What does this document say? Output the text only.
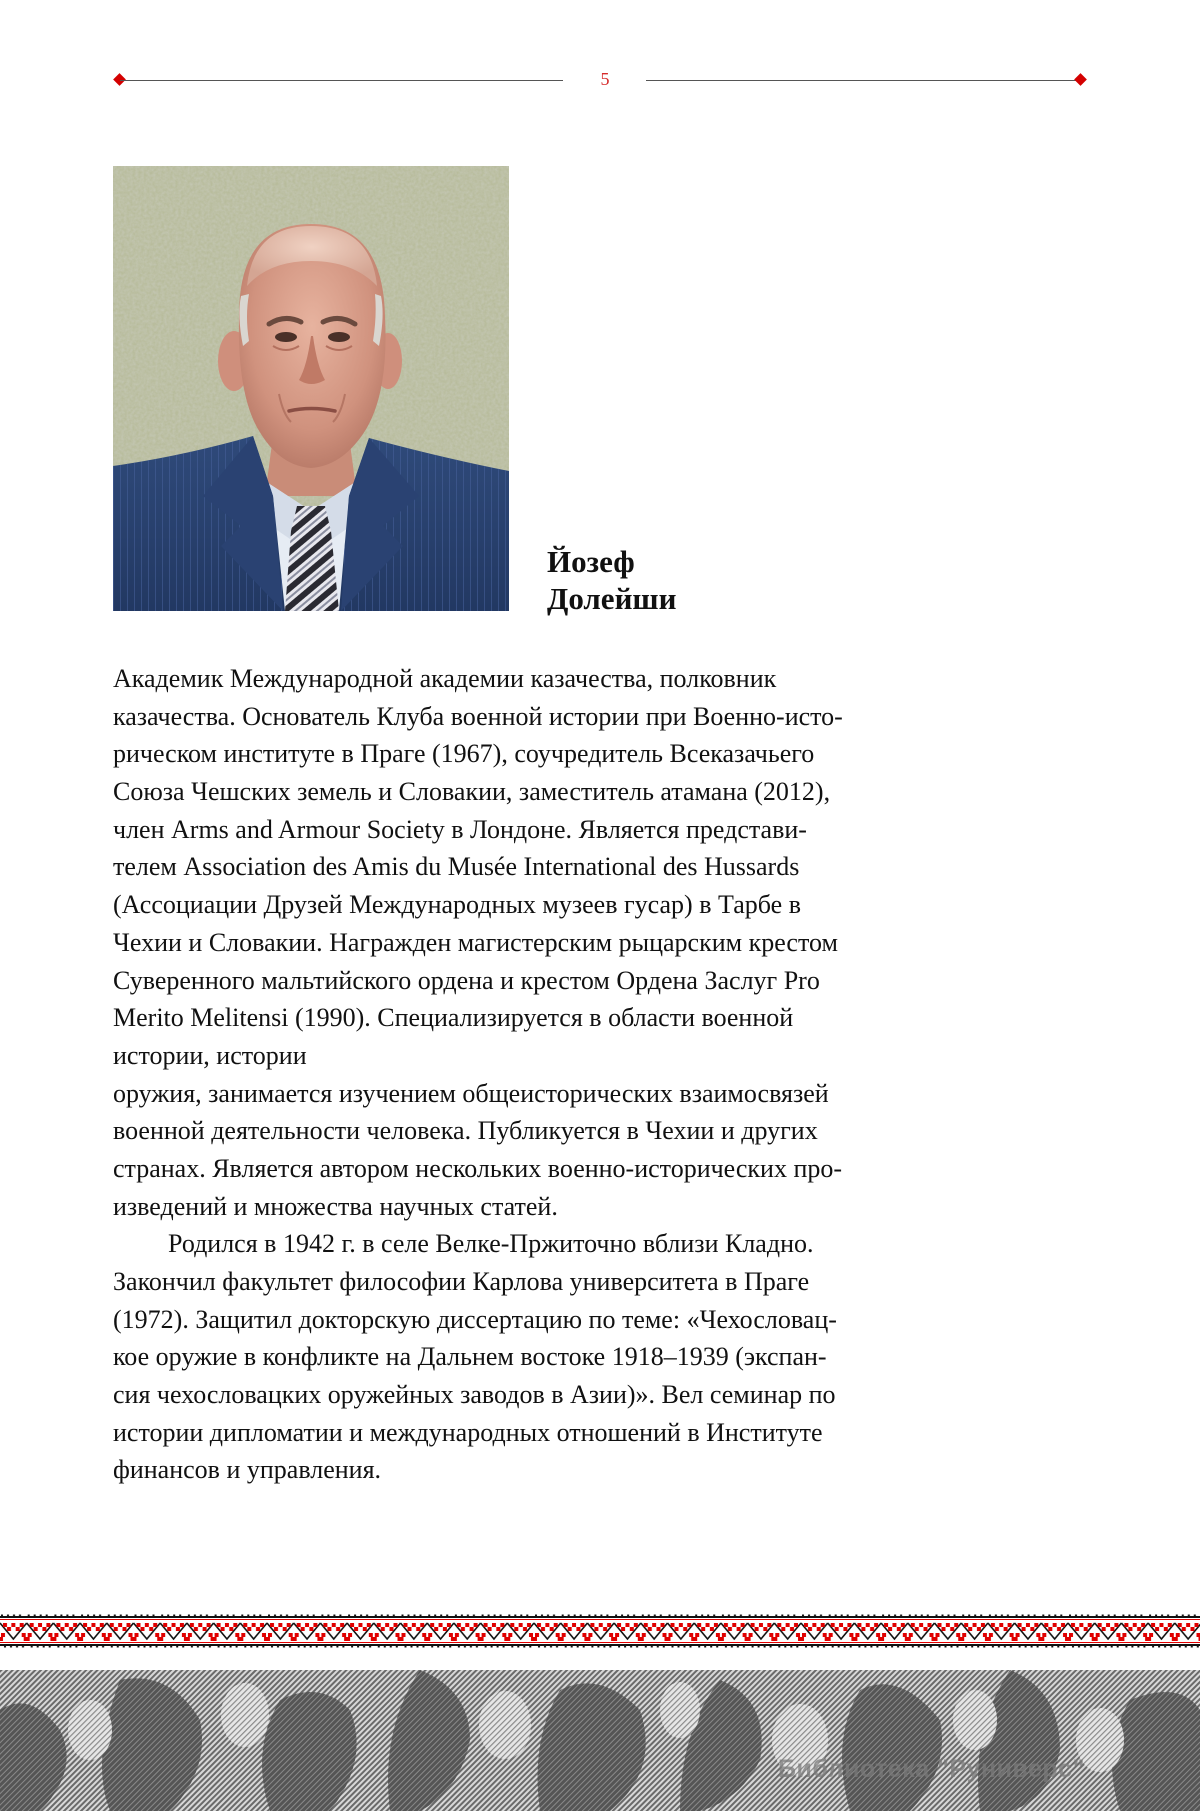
5
Йозеф
Долейши
Академик Международной академии казачества, полковник
казачества. Основатель Клуба военной истории при Военно-исто-
рическом институте в Праге (1967), соучредитель Всеказачьего
Союза Чешских земель и Словакии, заместитель атамана (2012),
член Arms and Armour Society в Лондоне. Является представи-
телем Association des Amis du Musée International des Hussards
(Ассоциации Друзей Международных музеев гусар) в Тарбе в
Чехии и Словакии. Награжден магистерским рыцарским крестом
Суверенного мальтийского ордена и крестом Ордена Заслуг Pro
Merito Melitensi (1990). Специализируется в области военной
истории, истории
оружия, занимается изучением общеисторических взаимосвязей
военной деятельности человека. Публикуется в Чехии и других
странах. Является автором нескольких военно-исторических про-
изведений и множества научных статей.
Родился в 1942 г. в селе Велке-Пржиточно вблизи Кладно.
Закончил факультет философии Карлова университета в Праге
(1972). Защитил докторскую диссертацию по теме: «Чехословац-
кое оружие в конфликте на Дальнем востоке 1918–1939 (экспан-
сия чехословацких оружейных заводов в Азии)». Вел семинар по
истории дипломатии и международных отношений в Институте
финансов и управления.
Библиотека "Руниверс"
